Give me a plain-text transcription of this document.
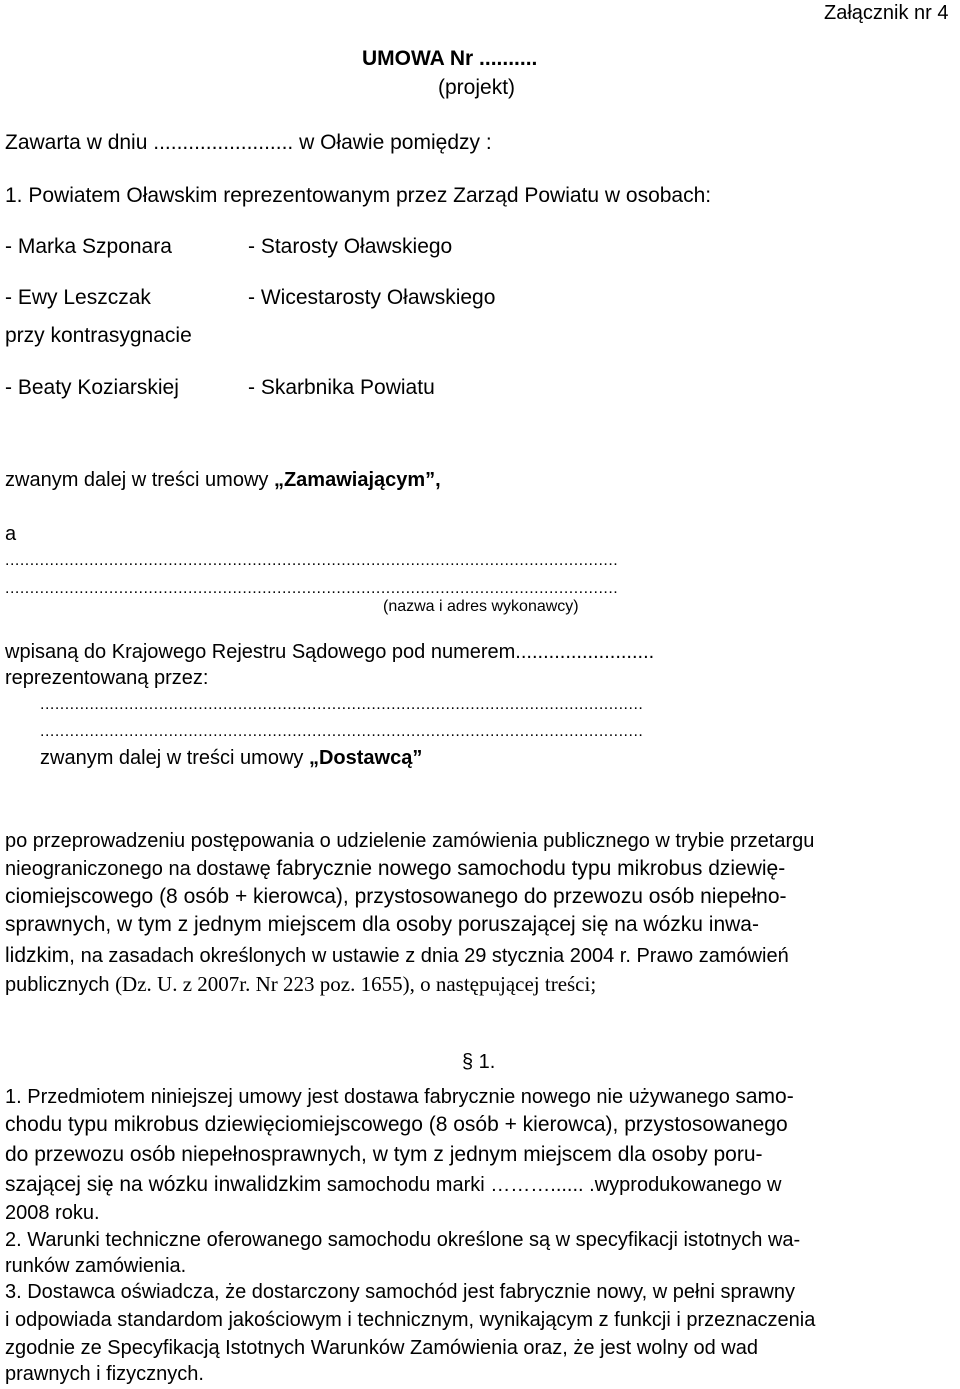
Załącznik nr 4
UMOWA Nr ..........
(projekt)
Zawarta w dniu ........................ w Oławie pomiędzy :
1. Powiatem Oławskim reprezentowanym przez Zarząd Powiatu w osobach:
- Marka Szponara	- Starosty Oławskiego
- Ewy Leszczak	- Wicestarosty Oławskiego
przy kontrasygnacie
- Beaty Koziarskiej	- Skarbnika Powiatu
zwanym dalej w treści umowy „Zamawiającym”,
a
............................................................................................................................
............................................................................................................................
(nazwa i adres wykonawcy)
wpisaną do Krajowego Rejestru Sądowego pod numerem.........................
reprezentowaną przez:
..........................................................................................................................
..........................................................................................................................
zwanym dalej w treści umowy „Dostawcą”
po przeprowadzeniu postępowania o udzielenie zamówienia publicznego w trybie przetargu
nieograniczonego na dostawę fabrycznie nowego samochodu typu mikrobus dziewię-
ciomiejscowego (8 osób + kierowca), przystosowanego do przewozu osób niepełno-
sprawnych, w tym z jednym miejscem dla osoby poruszającej się na wózku inwa-
lidzkim, na zasadach określonych w ustawie z dnia 29 stycznia 2004 r. Prawo zamówień
publicznych (Dz. U. z 2007r. Nr 223 poz. 1655), o następującej treści;
§ 1.
1. Przedmiotem niniejszej umowy jest dostawa fabrycznie nowego nie używanego samo-
chodu typu mikrobus dziewięciomiejscowego (8 osób + kierowca), przystosowanego
do przewozu osób niepełnosprawnych, w tym z jednym miejscem dla osoby poru-
szającej się na wózku inwalidzkim samochodu marki ………...... .wyprodukowanego w
2008 roku.
2. Warunki techniczne oferowanego samochodu określone są w specyfikacji istotnych wa-
runków zamówienia.
3. Dostawca oświadcza, że dostarczony samochód jest fabrycznie nowy, w pełni sprawny
i odpowiada standardom jakościowym i technicznym, wynikającym z funkcji i przeznaczenia
zgodnie ze Specyfikacją Istotnych Warunków Zamówienia oraz, że jest wolny od wad
prawnych i fizycznych.
